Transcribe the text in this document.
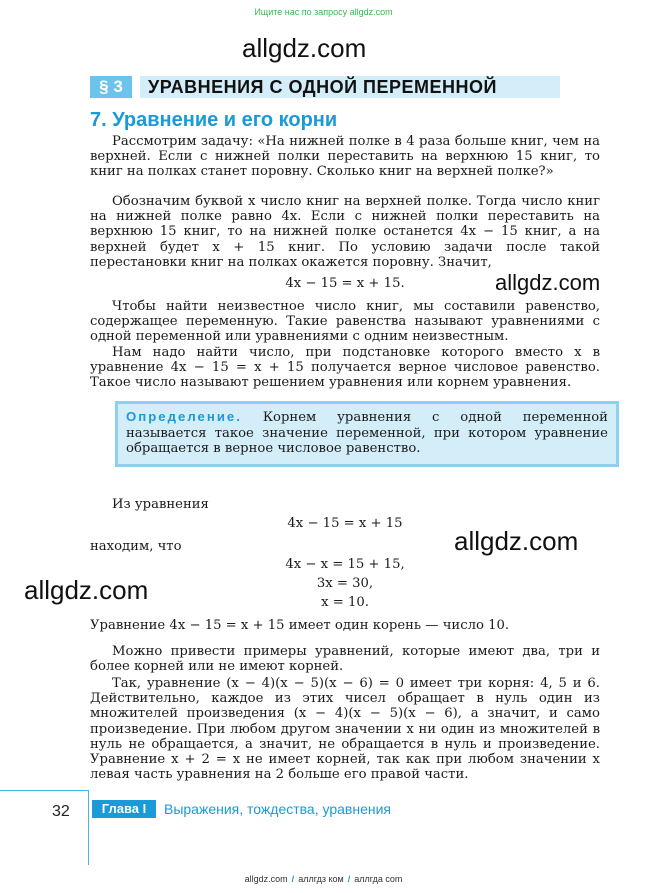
Ищите нас по запросу allgdz.com
allgdz.com
§ 3	УРАВНЕНИЯ С ОДНОЙ ПЕРЕМЕННОЙ
7. Уравнение и его корни
Рассмотрим задачу: «На нижней полке в 4 раза больше книг, чем на верхней. Если с нижней полки переставить на верхнюю 15 книг, то книг на полках станет поровну. Сколько книг на верхней полке?»
Обозначим буквой x число книг на верхней полке. Тогда число книг на нижней полке равно 4x. Если с нижней полки переставить на верхнюю 15 книг, то на нижней полке останется 4x − 15 книг, а на верхней будет x + 15 книг. По условию задачи после такой перестановки книг на полках окажется поровну. Значит,
4x − 15 = x + 15.	allgdz.com
Чтобы найти неизвестное число книг, мы составили равенство, содержащее переменную. Такие равенства называют уравнениями с одной переменной или уравнениями с одним неизвестным.
Нам надо найти число, при подстановке которого вместо x в уравнение 4x − 15 = x + 15 получается верное числовое равенство. Такое число называют решением уравнения или корнем уравнения.
Определение. Корнем уравнения с одной переменной называется такое значение переменной, при котором уравнение обращается в верное числовое равенство.
Из уравнения
4x − 15 = x + 15
allgdz.com
находим, что
4x − x = 15 + 15,
3x = 30,
x = 10.
allgdz.com
Уравнение 4x − 15 = x + 15 имеет один корень — число 10.
Можно привести примеры уравнений, которые имеют два, три и более корней или не имеют корней.
Так, уравнение (x − 4)(x − 5)(x − 6) = 0 имеет три корня: 4, 5 и 6. Действительно, каждое из этих чисел обращает в нуль один из множителей произведения (x − 4)(x − 5)(x − 6), а значит, и само произведение. При любом другом значении x ни один из множителей в нуль не обращается, а значит, не обращается в нуль и произведение. Уравнение x + 2 = x не имеет корней, так как при любом значении x левая часть уравнения на 2 больше его правой части.
32	Глава I	Выражения, тождества, уравнения
allgdz.com / аллгдз ком / аллгда com
